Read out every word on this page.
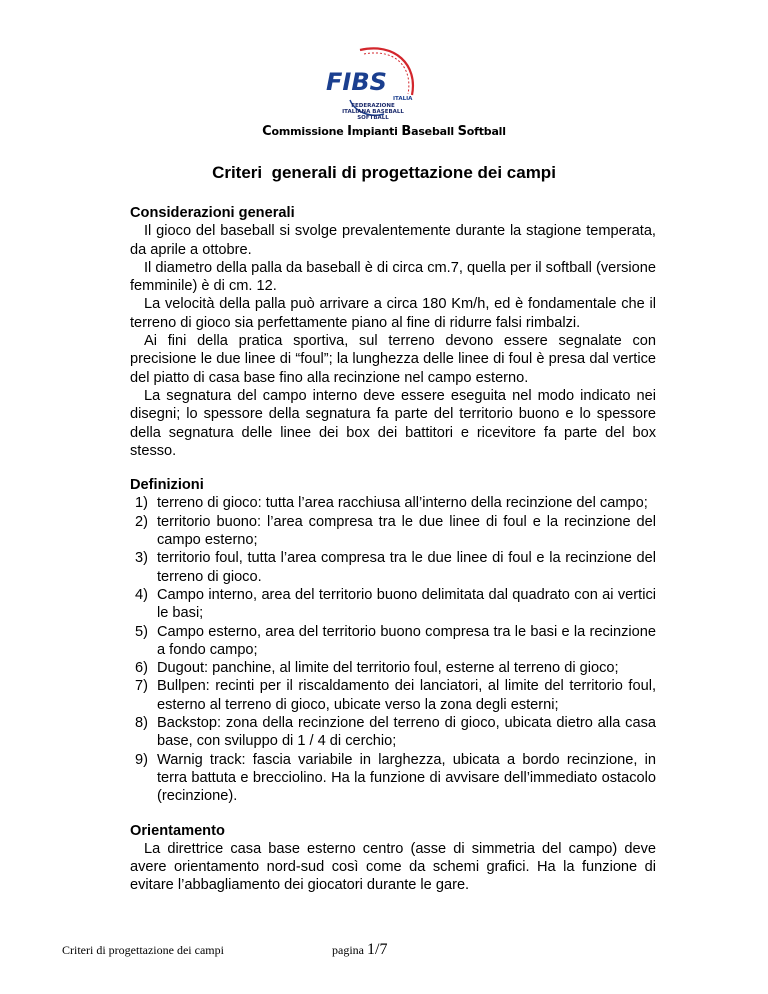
FIBS
ITALIA
FEDERAZIONE
ITALIANA BASEBALL
SOFTBALL
Commissione Impianti Baseball Softball
Criteri  generali di progettazione dei campi
Considerazioni generali
Il gioco del baseball si svolge prevalentemente durante la stagione temperata, da aprile a ottobre.
Il diametro della palla da baseball è di circa cm.7, quella per il softball (versione femminile) è di cm. 12.
La velocità della palla può arrivare a circa 180 Km/h, ed è fondamentale che il terreno di gioco sia perfettamente piano al fine di ridurre falsi rimbalzi.
Ai fini della pratica sportiva, sul terreno devono essere segnalate con precisione le due linee di “foul”; la lunghezza delle linee di foul è presa dal vertice del piatto di casa base fino alla recinzione nel campo esterno.
La segnatura del campo interno deve essere eseguita nel modo indicato nei disegni; lo spessore della segnatura fa parte del territorio buono e lo spessore della segnatura delle linee dei box dei battitori e ricevitore fa parte del box stesso.
Definizioni
1) terreno di gioco: tutta l’area racchiusa all’interno della recinzione del campo;
2) territorio buono: l’area compresa tra le due linee di foul e la recinzione del campo esterno;
3) territorio foul, tutta l’area compresa tra le due linee di foul e la recinzione del terreno di gioco.
4) Campo interno, area del territorio buono delimitata dal quadrato con ai vertici le basi;
5) Campo esterno, area del territorio buono compresa tra le basi e la recinzione a fondo campo;
6) Dugout: panchine, al limite del territorio foul, esterne al terreno di gioco;
7) Bullpen: recinti per il riscaldamento dei lanciatori, al limite del territorio foul, esterno al terreno di gioco, ubicate verso la zona degli esterni;
8) Backstop: zona della recinzione del terreno di gioco, ubicata dietro alla casa base, con sviluppo di 1 / 4 di cerchio;
9) Warnig track: fascia variabile in larghezza, ubicata a bordo recinzione, in terra battuta e brecciolino. Ha la funzione di avvisare dell’immediato ostacolo (recinzione).
Orientamento
La direttrice casa base esterno centro (asse di simmetria del campo) deve avere orientamento nord-sud così come da schemi grafici. Ha la funzione di evitare l’abbagliamento dei giocatori durante le gare.
Criteri di progettazione dei campi	pagina 1/7
